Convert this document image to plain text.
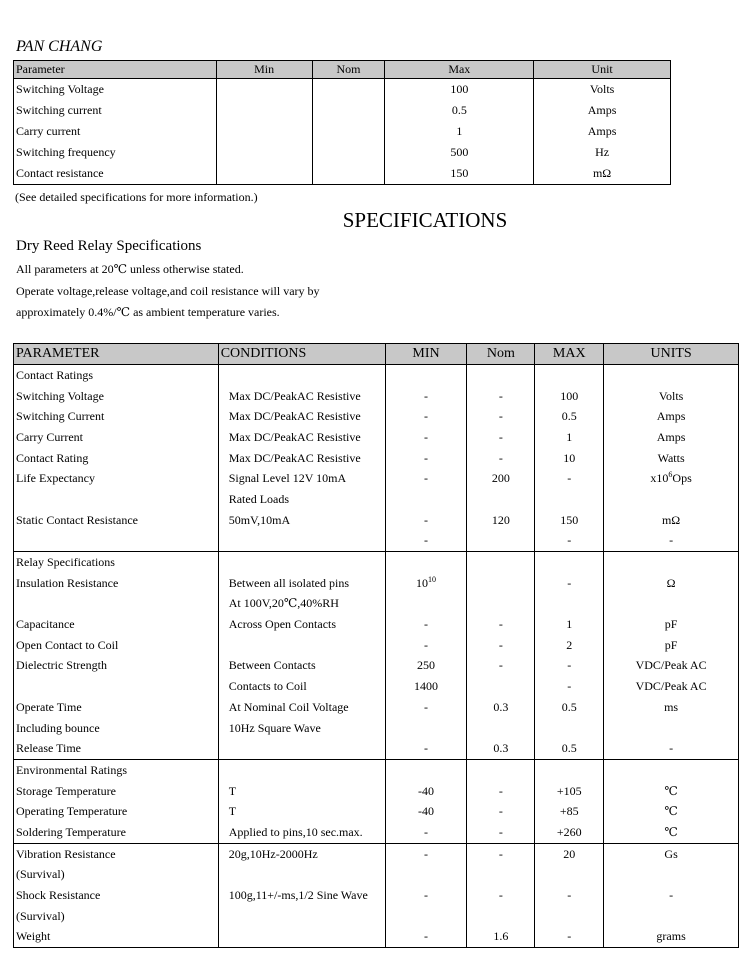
PAN CHANG
Parameter	Min	Nom	Max	Unit
Switching Voltage			100	Volts
Switching current			0.5	Amps
Carry current			1	Amps
Switching frequency			500	Hz
Contact resistance			150	mΩ
(See detailed specifications for more information.)
SPECIFICATIONS
Dry Reed Relay Specifications
All parameters at 20℃ unless otherwise stated.
Operate voltage,release voltage,and coil resistance will vary by
approximately 0.4%/℃ as ambient temperature varies.
PARAMETER	CONDITIONS	MIN	Nom	MAX	UNITS
Contact Ratings					
Switching Voltage	Max DC/PeakAC Resistive	-	-	100	Volts
Switching Current	Max DC/PeakAC Resistive	-	-	0.5	Amps
Carry Current	Max DC/PeakAC Resistive	-	-	1	Amps
Contact Rating	Max DC/PeakAC Resistive	-	-	10	Watts
Life Expectancy	Signal Level 12V 10mA	-	200	-	$x10^6Ops$
	Rated Loads				
Static Contact Resistance	50mV,10mA	-	120	150	mΩ
		-		-	-
Relay Specifications					
Insulation Resistance	Between all isolated pins	$10^{10}$		-	Ω
	At 100V,20℃,40%RH				
Capacitance	Across Open Contacts	-	-	1	pF
Open Contact to Coil		-	-	2	pF
Dielectric Strength	Between Contacts	250	-	-	VDC/Peak AC
	Contacts to Coil	1400		-	VDC/Peak AC
Operate Time	At Nominal Coil Voltage	-	0.3	0.5	ms
Including bounce	10Hz Square Wave				
Release Time		-	0.3	0.5	-
Environmental Ratings					
Storage Temperature	T	-40	-	+105	℃
Operating Temperature	T	-40	-	+85	℃
Soldering Temperature	Applied to pins,10 sec.max.	-	-	+260	℃
Vibration Resistance	20g,10Hz-2000Hz	-	-	20	Gs
(Survival)					
Shock Resistance	100g,11+/-ms,1/2 Sine Wave	-	-	-	-
(Survival)					
Weight		-	1.6	-	grams
